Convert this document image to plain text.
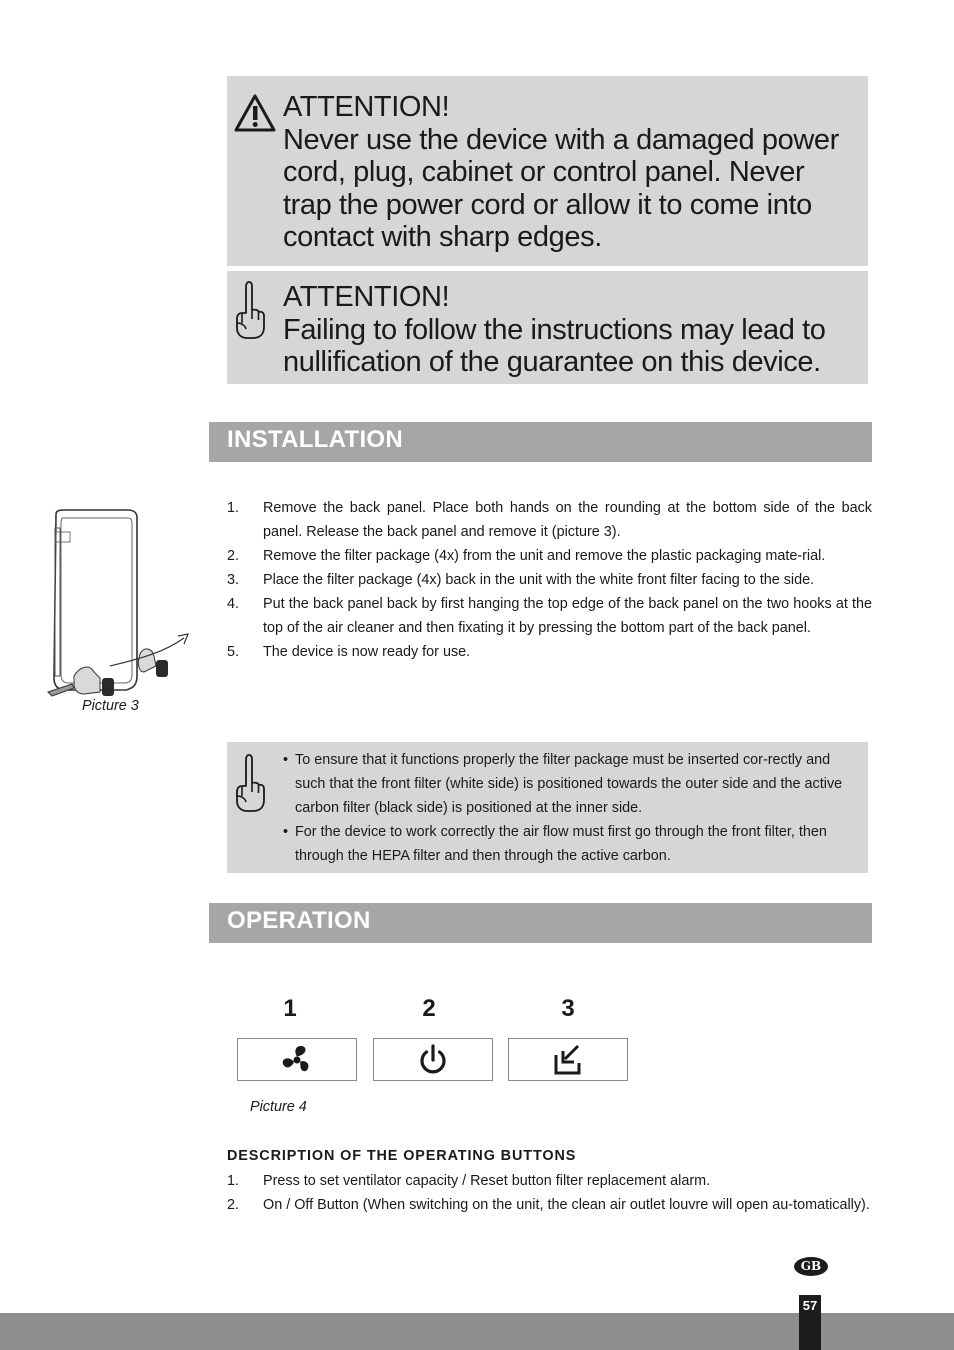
ATTENTION!
Never use the device with a damaged power
cord, plug, cabinet or control panel. Never
trap the power cord or allow it to come into
contact with sharp edges.
ATTENTION!
Failing to follow the instructions may lead to
nullification of the guarantee on this device.
INSTALLATION
Picture 3
1. Remove the back panel. Place both hands on the rounding at the bottom side of the back panel. Release the back panel and remove it (picture 3).
2. Remove the filter package (4x) from the unit and remove the plastic packaging mate-rial.
3. Place the filter package (4x) back in the unit with the white front filter facing to the side.
4. Put the back panel back by first hanging the top edge of the back panel on the two hooks at the top of the air cleaner and then fixating it by pressing the bottom part of the back panel.
5. The device is now ready for use.
• To ensure that it functions properly the filter package must be inserted cor-rectly and such that the front filter (white side) is positioned towards the outer side and the active carbon filter (black side) is positioned at the inner side.
• For the device to work correctly the air flow must first go through the front filter, then through the HEPA filter and then through the active carbon.
OPERATION
1	2	3
Picture 4
DESCRIPTION OF THE OPERATING BUTTONS
1. Press to set ventilator capacity / Reset button filter replacement alarm.
2. On / Off Button (When switching on the unit, the clean air outlet louvre will open au-tomatically).
GB
57
